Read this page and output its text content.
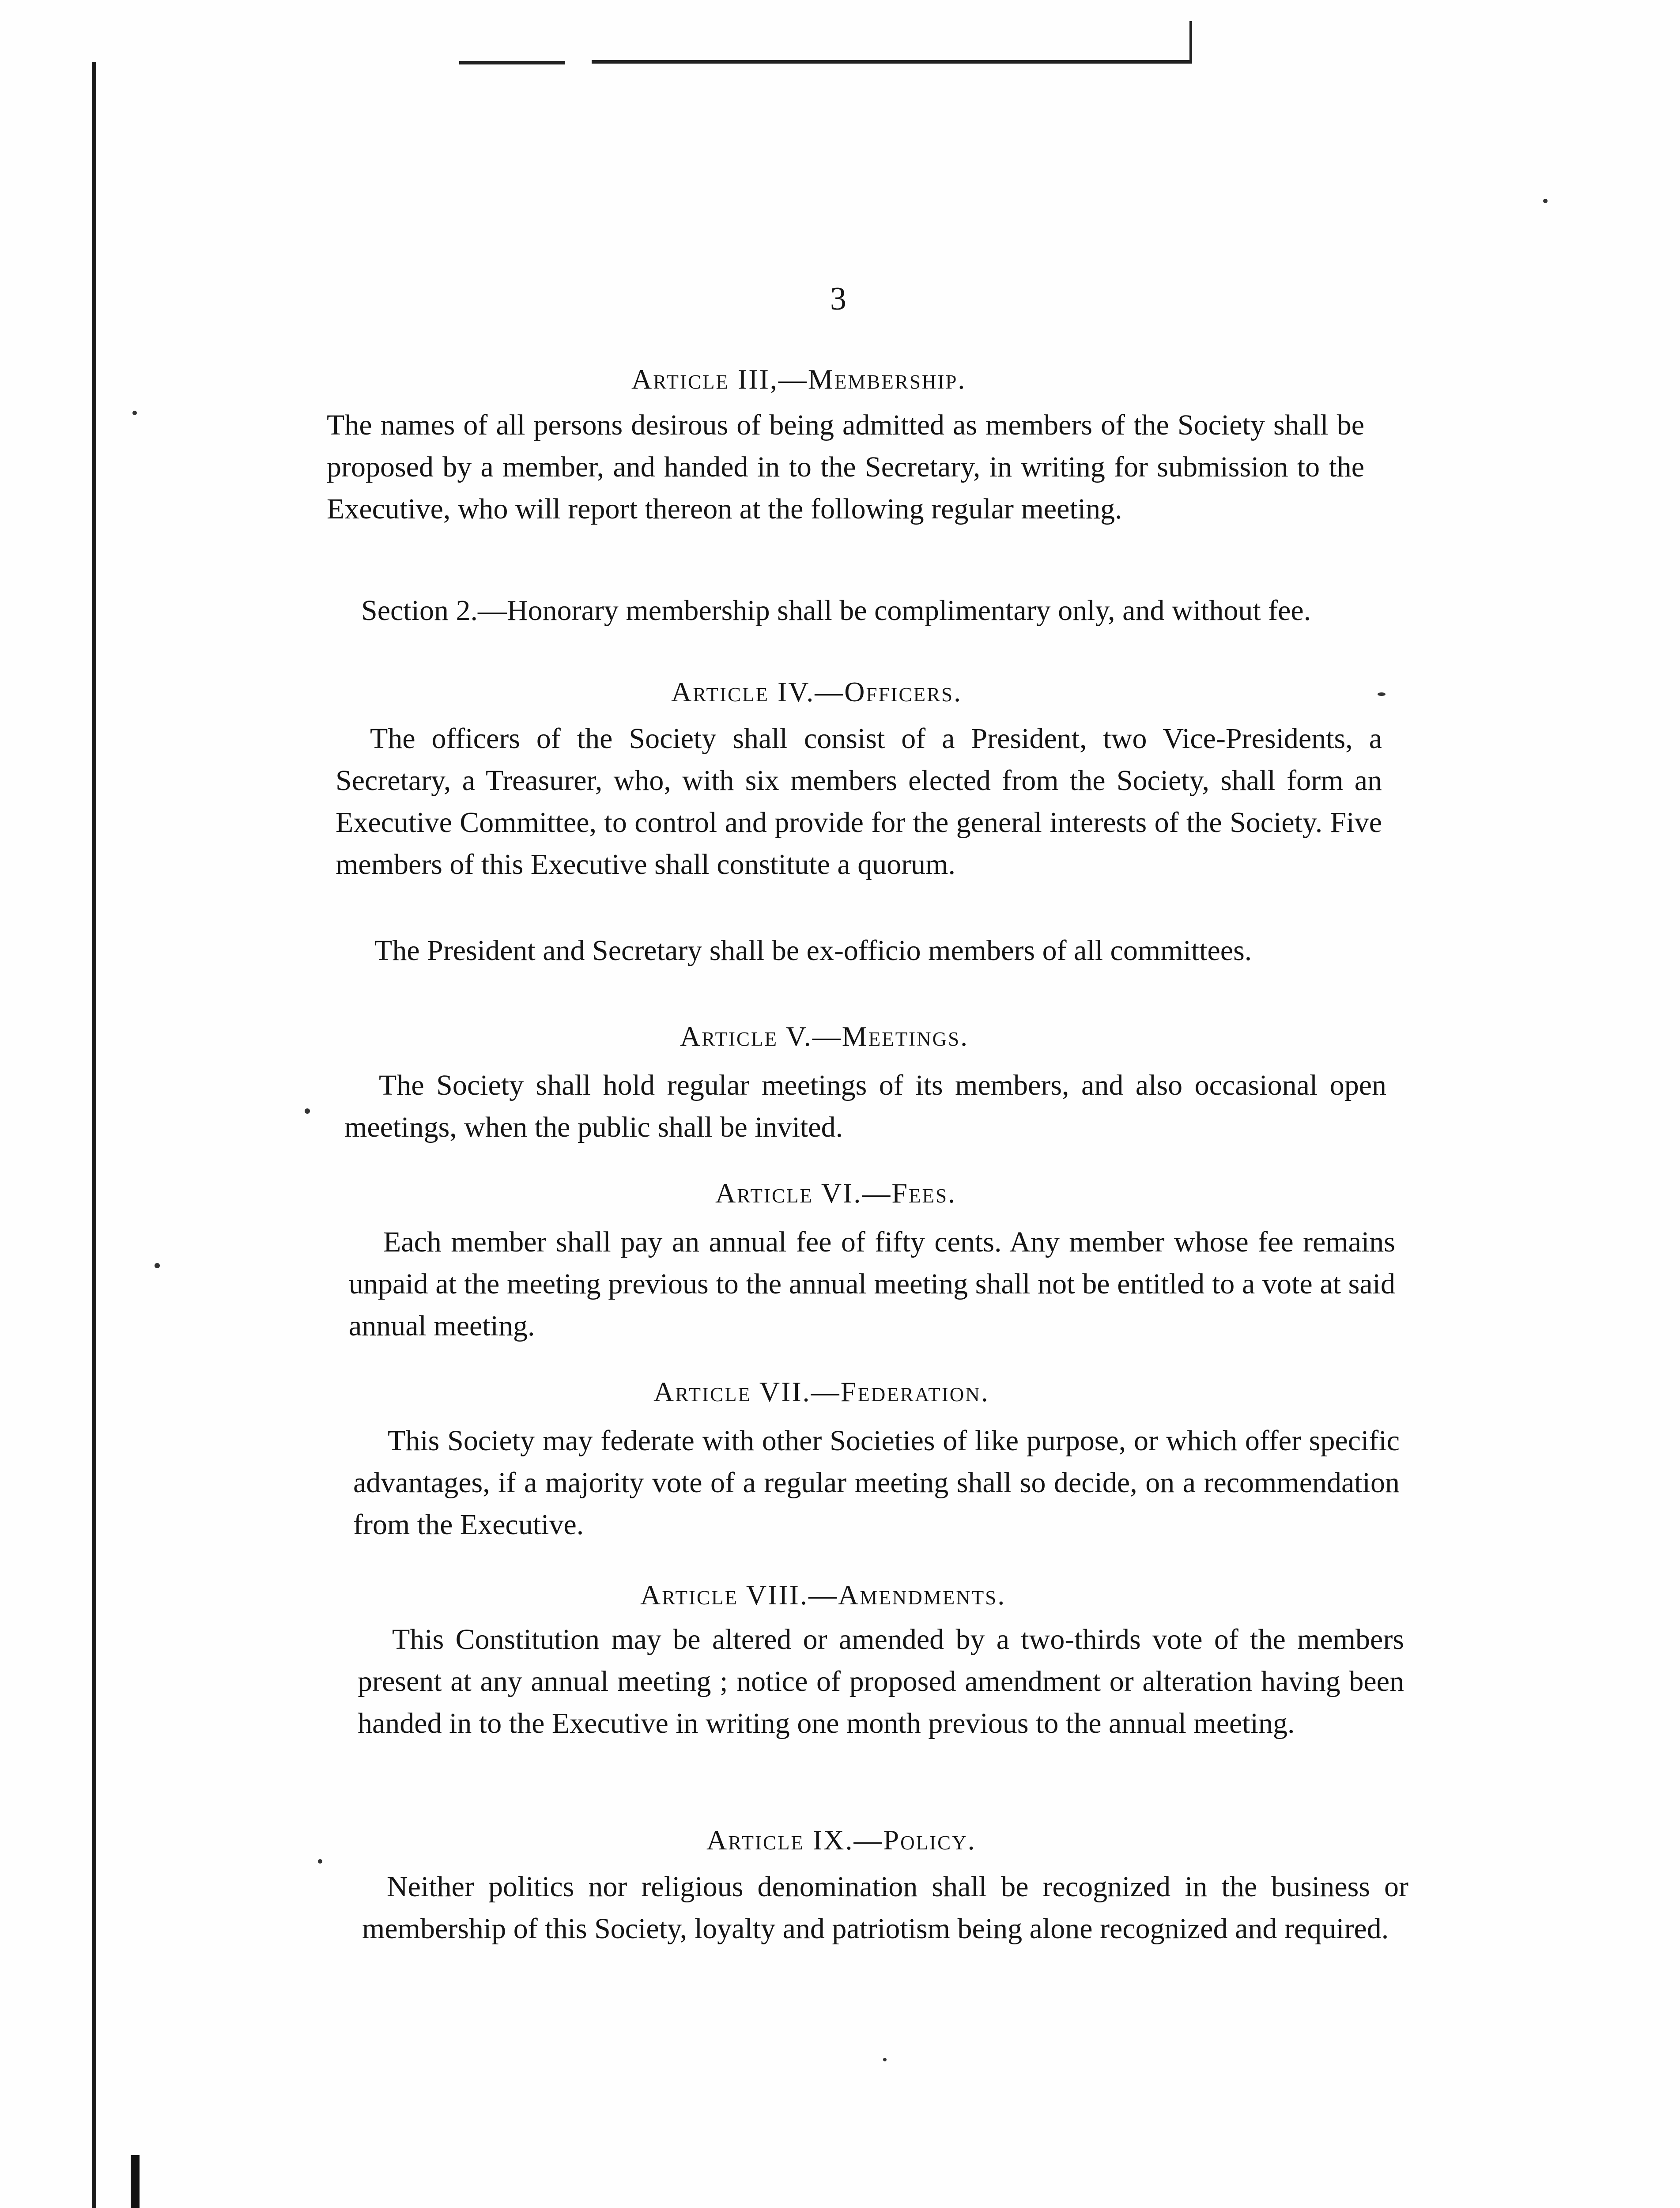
3
Article III,—Membership.
The names of all persons desirous of being admitted as members of the Society shall be proposed by a member, and handed in to the Secretary, in writing for submission to the Executive, who will report thereon at the following regular meeting.
Section 2.—Honorary membership shall be complimentary only, and without fee.
Article IV.—Officers.
The officers of the Society shall consist of a President, two Vice-Presidents, a Secretary, a Treasurer, who, with six members elected from the Society, shall form an Executive Committee, to control and provide for the general interests of the Society. Five members of this Executive shall constitute a quorum.
The President and Secretary shall be ex-officio members of all committees.
Article V.—Meetings.
The Society shall hold regular meetings of its members, and also occasional open meetings, when the public shall be invited.
Article VI.—Fees.
Each member shall pay an annual fee of fifty cents. Any member whose fee remains unpaid at the meeting previous to the annual meeting shall not be entitled to a vote at said annual meeting.
Article VII.—Federation.
This Society may federate with other Societies of like purpose, or which offer specific advantages, if a majority vote of a regular meeting shall so decide, on a recommendation from the Executive.
Article VIII.—Amendments.
This Constitution may be altered or amended by a two-thirds vote of the members present at any annual meeting ; notice of proposed amendment or alteration having been handed in to the Executive in writing one month previous to the annual meeting.
Article IX.—Policy.
Neither politics nor religious denomination shall be recognized in the business or membership of this Society, loyalty and patriotism being alone recognized and required.
